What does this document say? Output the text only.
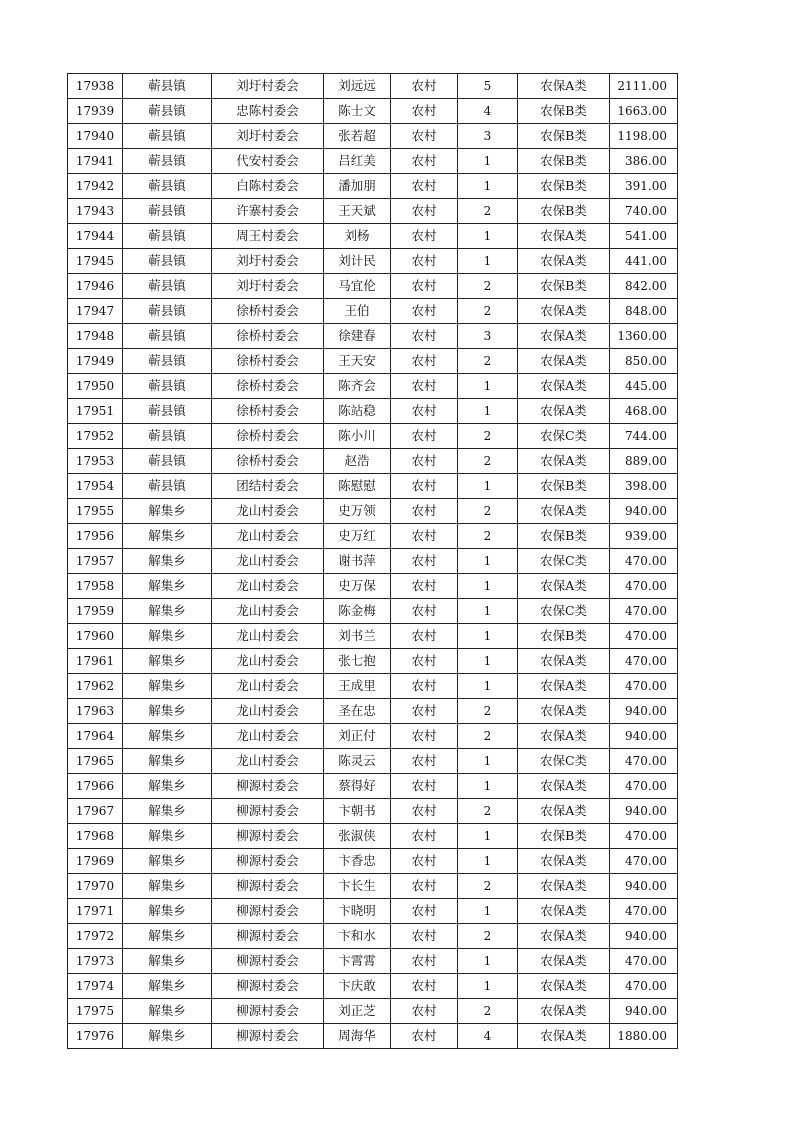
17938	蕲县镇	刘圩村委会	刘远远	农村	5	农保A类	2111.00
17939	蕲县镇	忠陈村委会	陈士文	农村	4	农保B类	1663.00
17940	蕲县镇	刘圩村委会	张若超	农村	3	农保B类	1198.00
17941	蕲县镇	代安村委会	吕红美	农村	1	农保B类	386.00
17942	蕲县镇	白陈村委会	潘加朋	农村	1	农保B类	391.00
17943	蕲县镇	许寨村委会	王天斌	农村	2	农保B类	740.00
17944	蕲县镇	周王村委会	刘杨	农村	1	农保A类	541.00
17945	蕲县镇	刘圩村委会	刘计民	农村	1	农保A类	441.00
17946	蕲县镇	刘圩村委会	马宜伦	农村	2	农保B类	842.00
17947	蕲县镇	徐桥村委会	王伯	农村	2	农保A类	848.00
17948	蕲县镇	徐桥村委会	徐建春	农村	3	农保A类	1360.00
17949	蕲县镇	徐桥村委会	王天安	农村	2	农保A类	850.00
17950	蕲县镇	徐桥村委会	陈齐会	农村	1	农保A类	445.00
17951	蕲县镇	徐桥村委会	陈站稳	农村	1	农保A类	468.00
17952	蕲县镇	徐桥村委会	陈小川	农村	2	农保C类	744.00
17953	蕲县镇	徐桥村委会	赵浩	农村	2	农保A类	889.00
17954	蕲县镇	团结村委会	陈慰慰	农村	1	农保B类	398.00
17955	解集乡	龙山村委会	史万领	农村	2	农保A类	940.00
17956	解集乡	龙山村委会	史万红	农村	2	农保B类	939.00
17957	解集乡	龙山村委会	谢书萍	农村	1	农保C类	470.00
17958	解集乡	龙山村委会	史万保	农村	1	农保A类	470.00
17959	解集乡	龙山村委会	陈金梅	农村	1	农保C类	470.00
17960	解集乡	龙山村委会	刘书兰	农村	1	农保B类	470.00
17961	解集乡	龙山村委会	张七抱	农村	1	农保A类	470.00
17962	解集乡	龙山村委会	王成里	农村	1	农保A类	470.00
17963	解集乡	龙山村委会	圣在忠	农村	2	农保A类	940.00
17964	解集乡	龙山村委会	刘正付	农村	2	农保A类	940.00
17965	解集乡	龙山村委会	陈灵云	农村	1	农保C类	470.00
17966	解集乡	柳源村委会	蔡得好	农村	1	农保A类	470.00
17967	解集乡	柳源村委会	卞朝书	农村	2	农保A类	940.00
17968	解集乡	柳源村委会	张淑侠	农村	1	农保B类	470.00
17969	解集乡	柳源村委会	卞香忠	农村	1	农保A类	470.00
17970	解集乡	柳源村委会	卞长生	农村	2	农保A类	940.00
17971	解集乡	柳源村委会	卞晓明	农村	1	农保A类	470.00
17972	解集乡	柳源村委会	卞和水	农村	2	农保A类	940.00
17973	解集乡	柳源村委会	卞霄霄	农村	1	农保A类	470.00
17974	解集乡	柳源村委会	卞庆敢	农村	1	农保A类	470.00
17975	解集乡	柳源村委会	刘正芝	农村	2	农保A类	940.00
17976	解集乡	柳源村委会	周海华	农村	4	农保A类	1880.00
